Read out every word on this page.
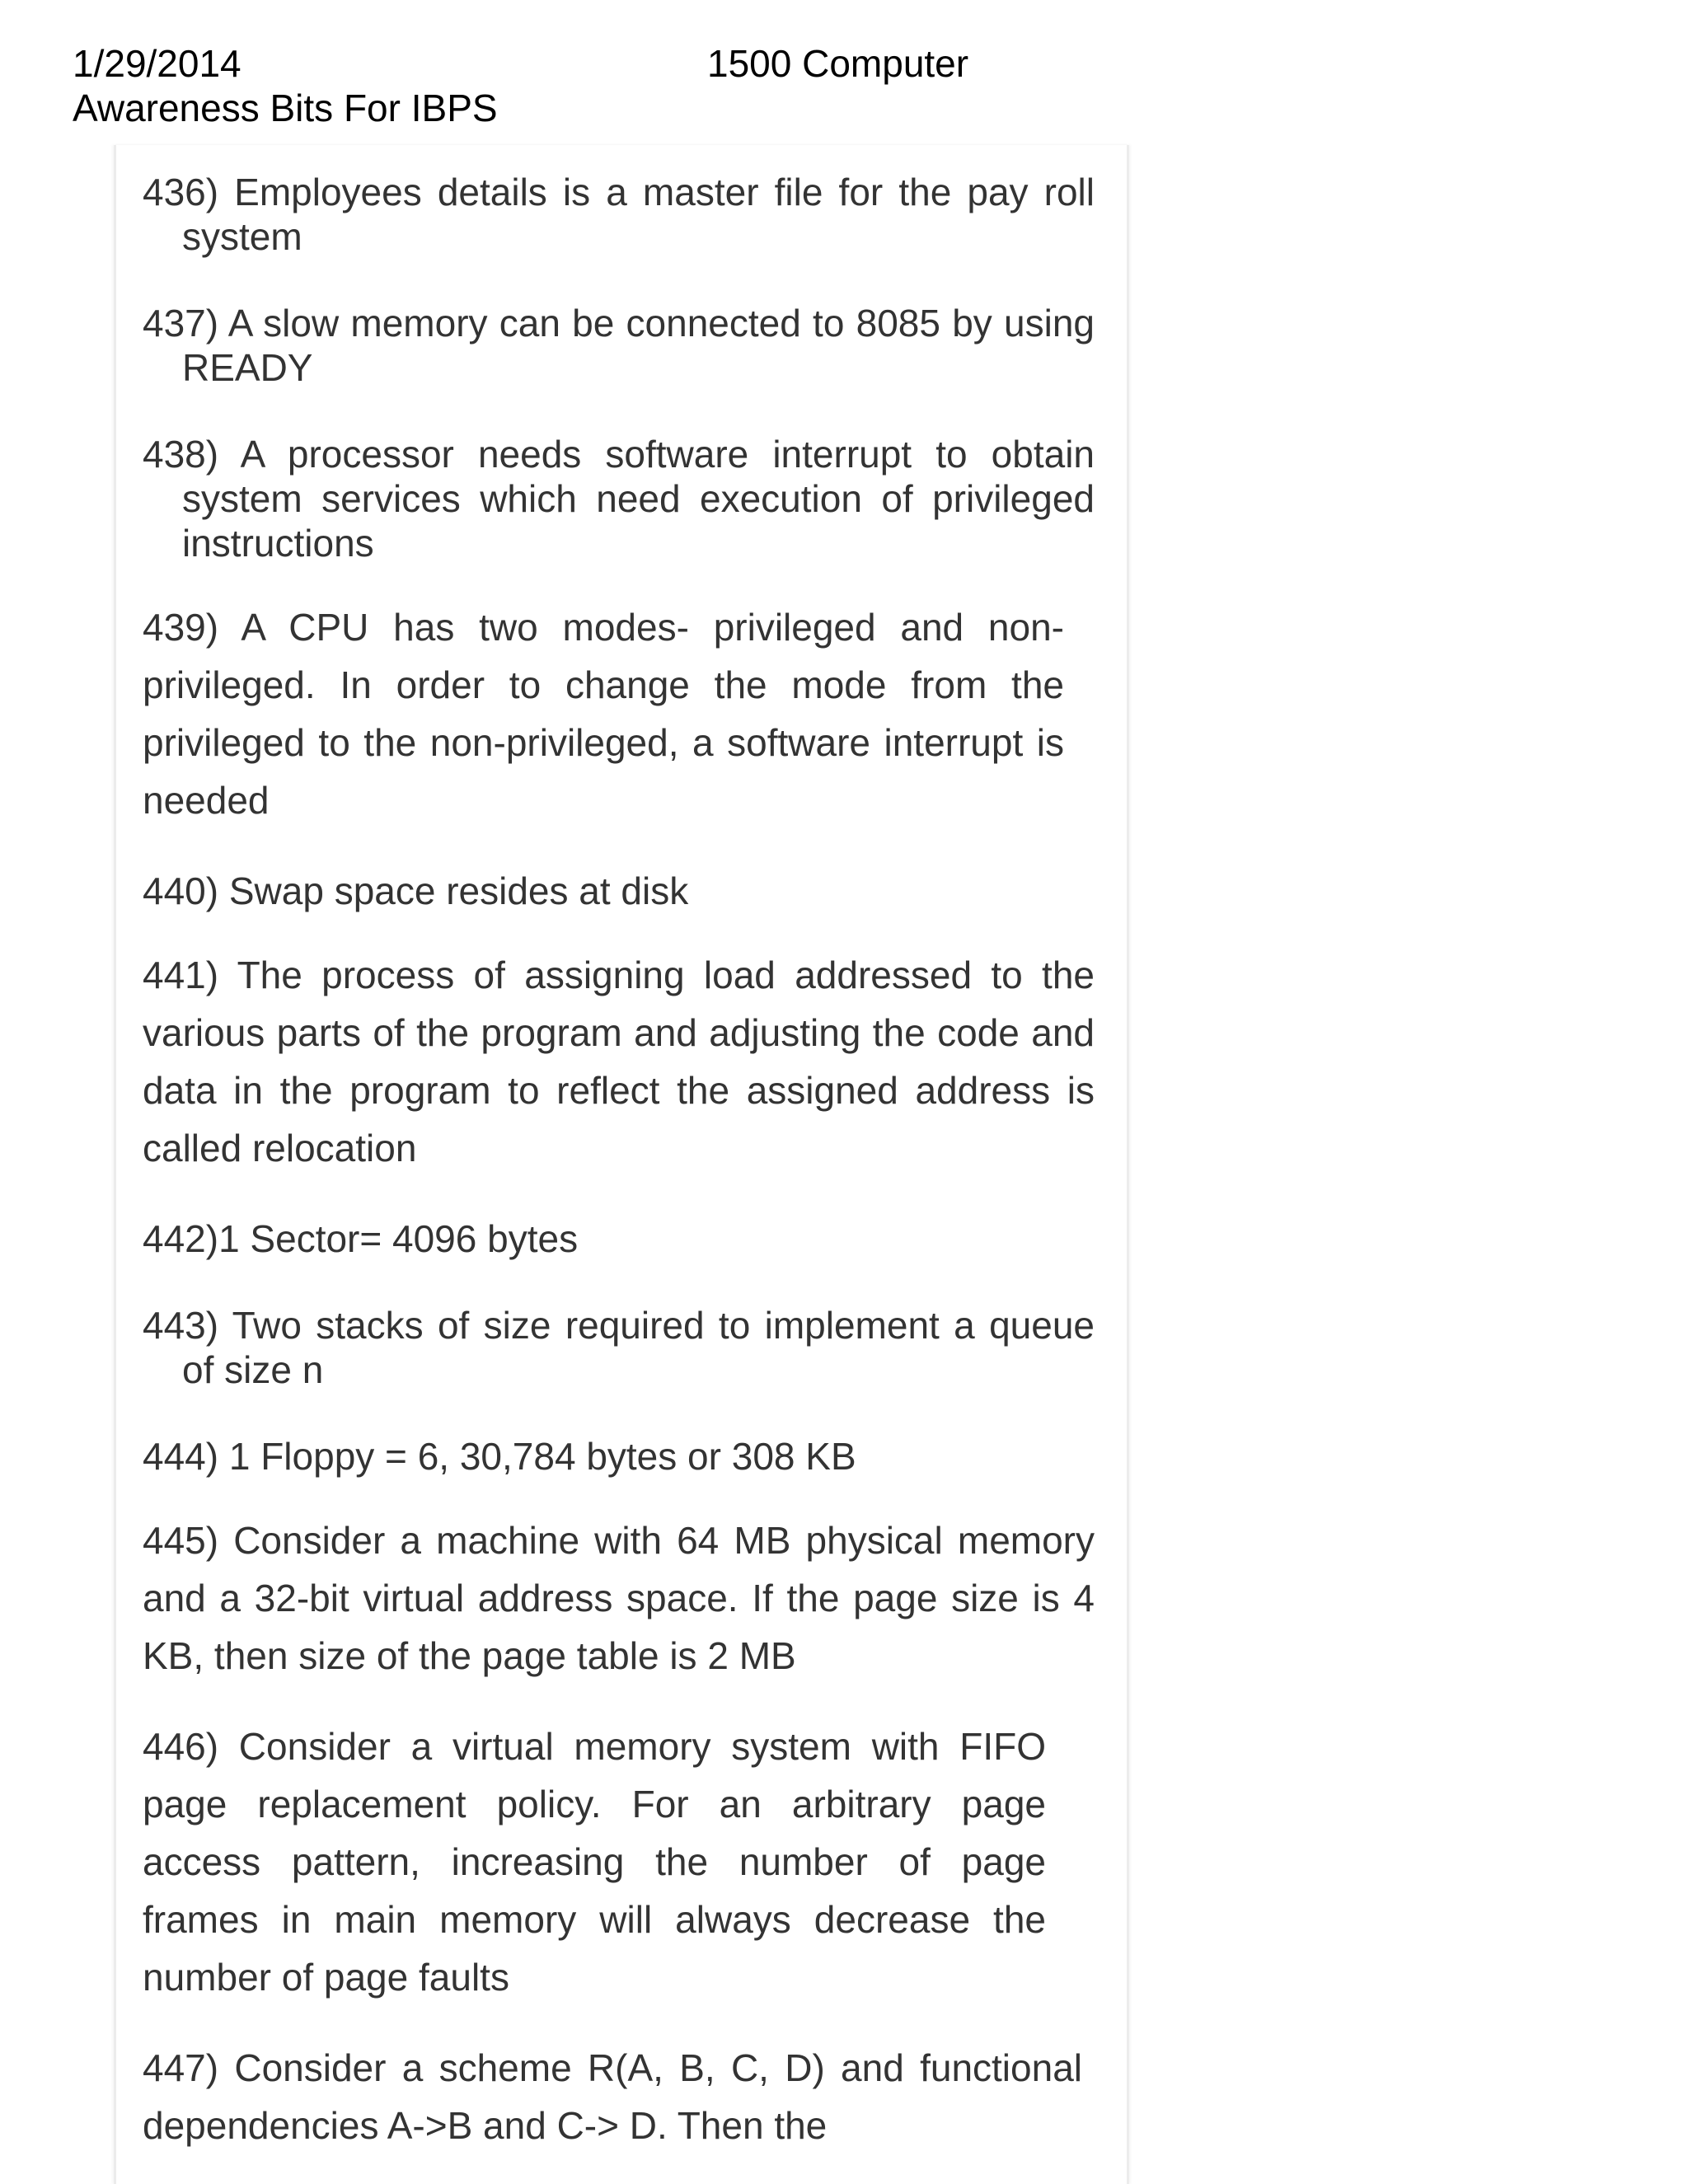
1/29/2014	1500 Computer
Awareness Bits For IBPS

436) Employees details is a master file for the pay roll system

437) A slow memory can be connected to 8085 by using READY

438) A processor needs software interrupt to obtain system services which need execution of privileged instructions

439) A CPU has two modes- privileged and non-privileged. In order to change the mode from the privileged to the non-privileged, a software interrupt is needed

440) Swap space resides at disk

441) The process of assigning load addressed to the various parts of the program and adjusting the code and data in the program to reflect the assigned address is called relocation

442)1 Sector= 4096 bytes

443) Two stacks of size required to implement a queue of size n

444) 1 Floppy = 6, 30,784 bytes or 308 KB

445) Consider a machine with 64 MB physical memory and a 32-bit virtual address space. If the page size is 4 KB, then size of the page table is 2 MB

446) Consider a virtual memory system with FIFO page replacement policy. For an arbitrary page access pattern, increasing the number of page frames in main memory will always decrease the number of page faults

447) Consider a scheme R(A, B, C, D) and functional dependencies A->B and C-> D. Then the
